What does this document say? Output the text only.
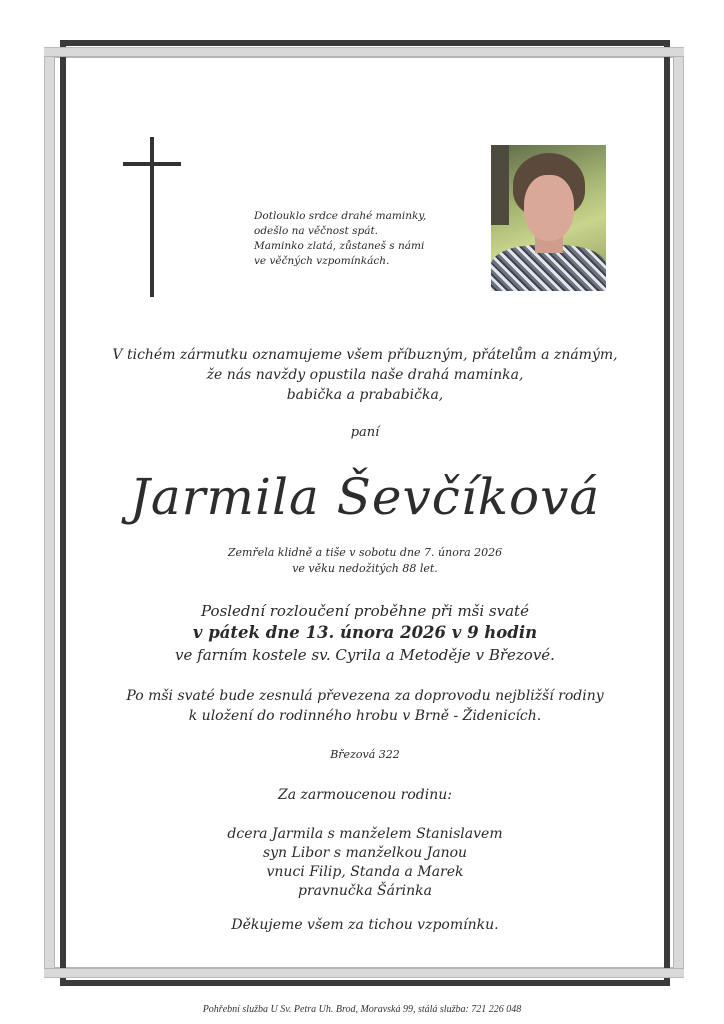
Dotlouklo srdce drahé maminky,
odešlo na věčnost spát.
Maminko zlatá, zůstaneš s námi
ve věčných vzpomínkách.
V tichém zármutku oznamujeme všem příbuzným, přátelům a známým,
že nás navždy opustila naše drahá maminka,
babička a prababička,
paní
Jarmila Ševčíková
Zemřela klidně a tiše v sobotu dne 7. února 2026
ve věku nedožitých 88 let.
Poslední rozloučení proběhne při mši svaté
v pátek dne 13. února 2026 v 9 hodin
ve farním kostele sv. Cyrila a Metoděje v Březové.
Po mši svaté bude zesnulá převezena za doprovodu nejbližší rodiny
k uložení do rodinného hrobu v Brně - Židenicích.
Březová 322
Za zarmoucenou rodinu:
dcera Jarmila s manželem Stanislavem
syn Libor s manželkou Janou
vnuci Filip, Standa a Marek
pravnučka Šárinka
Děkujeme všem za tichou vzpomínku.
Pohřební služba U Sv. Petra Uh. Brod, Moravská 99, stálá služba: 721 226 048
